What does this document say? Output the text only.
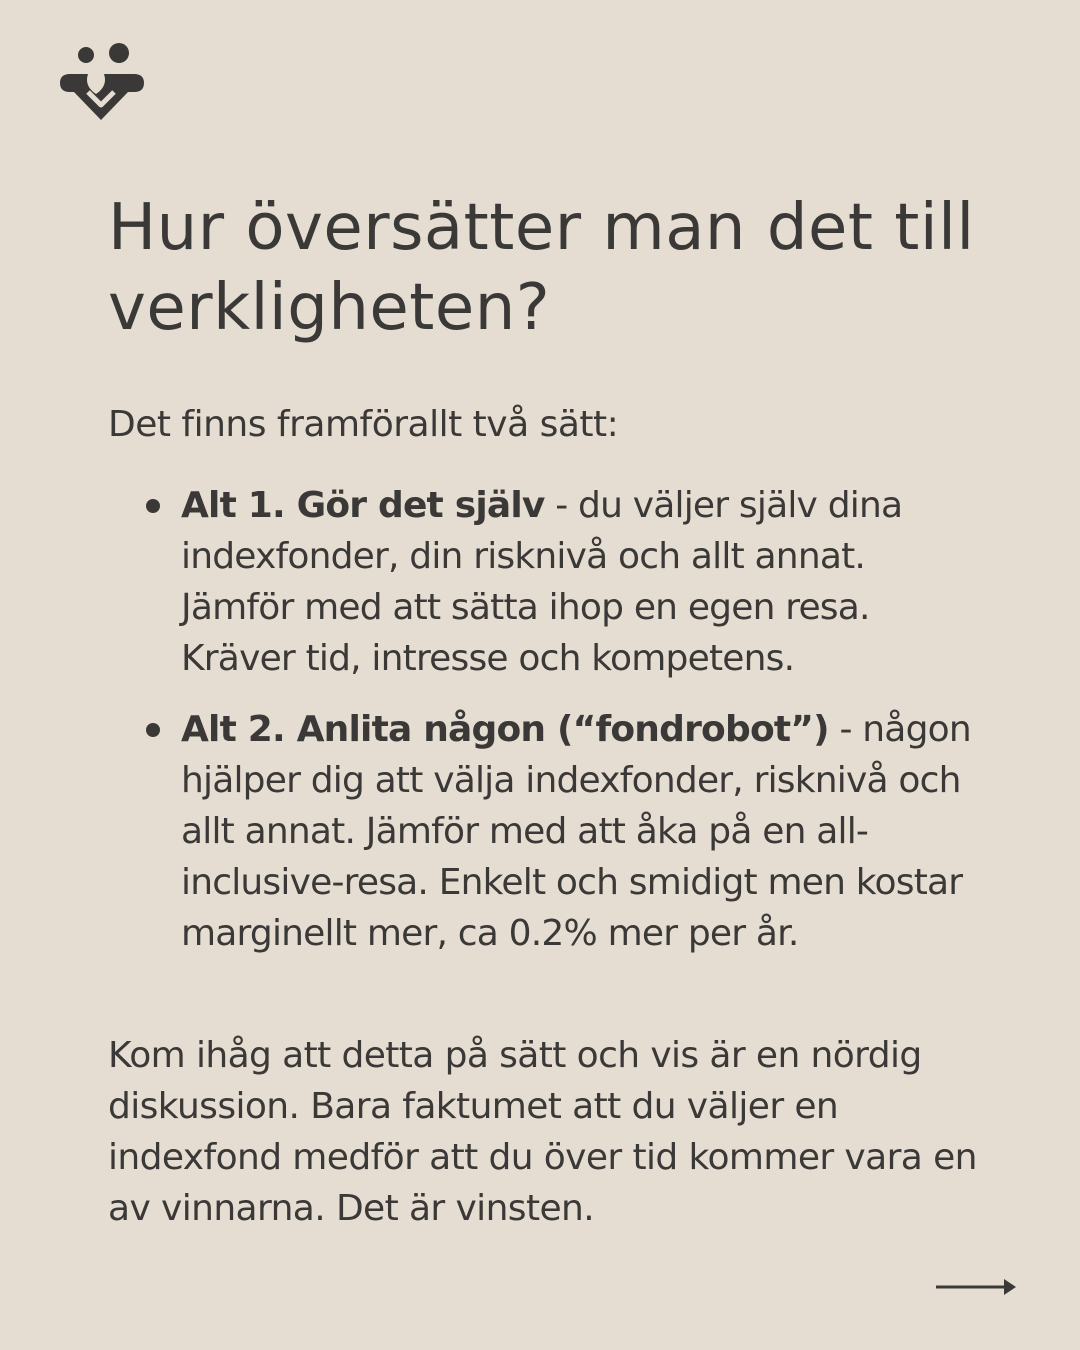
Hur översätter man det till verkligheten?

Det finns framförallt två sätt:

Alt 1. Gör det själv - du väljer själv dina indexfonder, din risknivå och allt annat. Jämför med att sätta ihop en egen resa. Kräver tid, intresse och kompetens.
Alt 2. Anlita någon (“fondrobot”) - någon hjälper dig att välja indexfonder, risknivå och allt annat. Jämför med att åka på en all-inclusive-resa. Enkelt och smidigt men kostar marginellt mer, ca 0.2% mer per år.

Kom ihåg att detta på sätt och vis är en nördig diskussion. Bara faktumet att du väljer en indexfond medför att du över tid kommer vara en av vinnarna. Det är vinsten.
